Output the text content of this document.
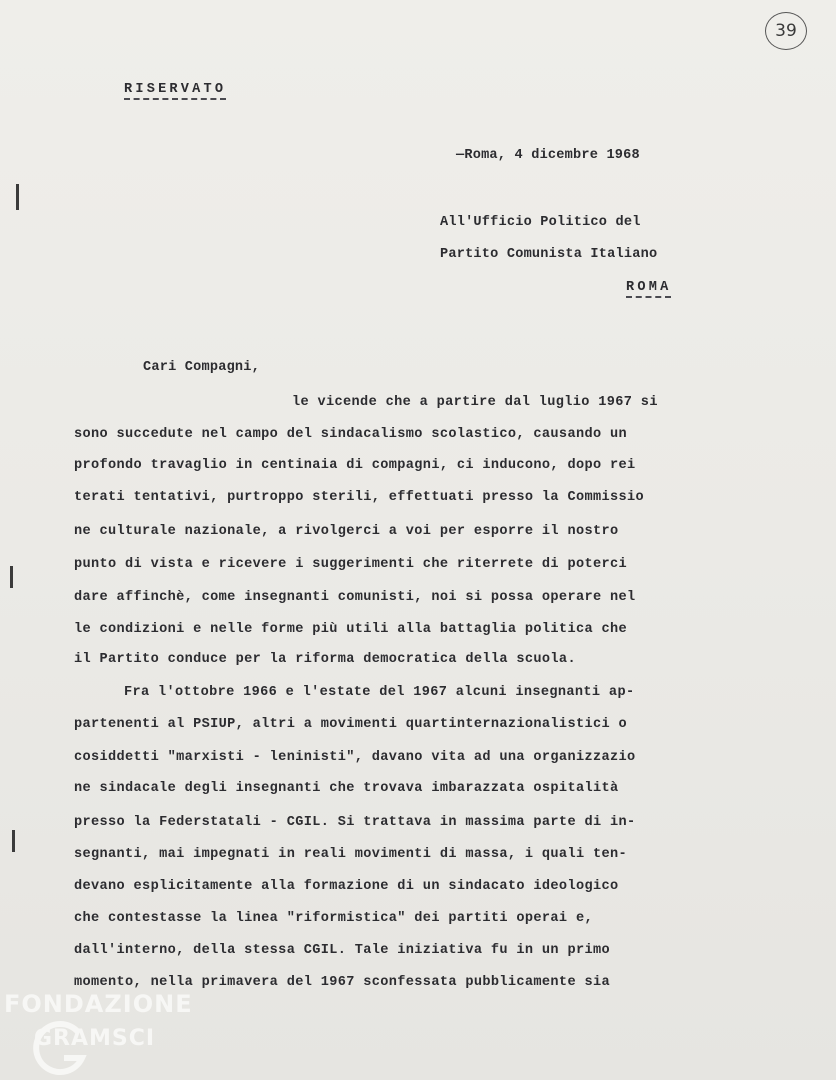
39
RISERVATO
—Roma, 4 dicembre 1968
All'Ufficio Politico del
Partito Comunista Italiano
ROMA
Cari Compagni,
le vicende che a partire dal luglio 1967 si
sono succedute nel campo del sindacalismo scolastico, causando un
profondo travaglio in centinaia di compagni, ci inducono, dopo rei
terati tentativi, purtroppo sterili, effettuati presso la Commissio
ne culturale nazionale, a rivolgerci a voi per esporre il nostro
punto di vista e ricevere i suggerimenti che riterrete di poterci
dare affinchè, come insegnanti comunisti, noi si possa operare nel
le condizioni e nelle forme più utili alla battaglia politica che
il Partito conduce per la riforma democratica della scuola.
Fra l'ottobre 1966 e l'estate del 1967 alcuni insegnanti ap-
partenenti al PSIUP, altri a movimenti quartinternazionalistici o
cosiddetti "marxisti - leninisti", davano vita ad una organizzazio
ne sindacale degli insegnanti che trovava imbarazzata ospitalità
presso la Federstatali - CGIL. Si trattava in massima parte di in-
segnanti, mai impegnati in reali movimenti di massa, i quali ten-
devano esplicitamente alla formazione di un sindacato ideologico
che contestasse la linea "riformistica" dei partiti operai e,
dall'interno, della stessa CGIL. Tale iniziativa fu in un primo
momento, nella primavera del 1967 sconfessata pubblicamente sia
FONDAZIONE
GRAMSCI
